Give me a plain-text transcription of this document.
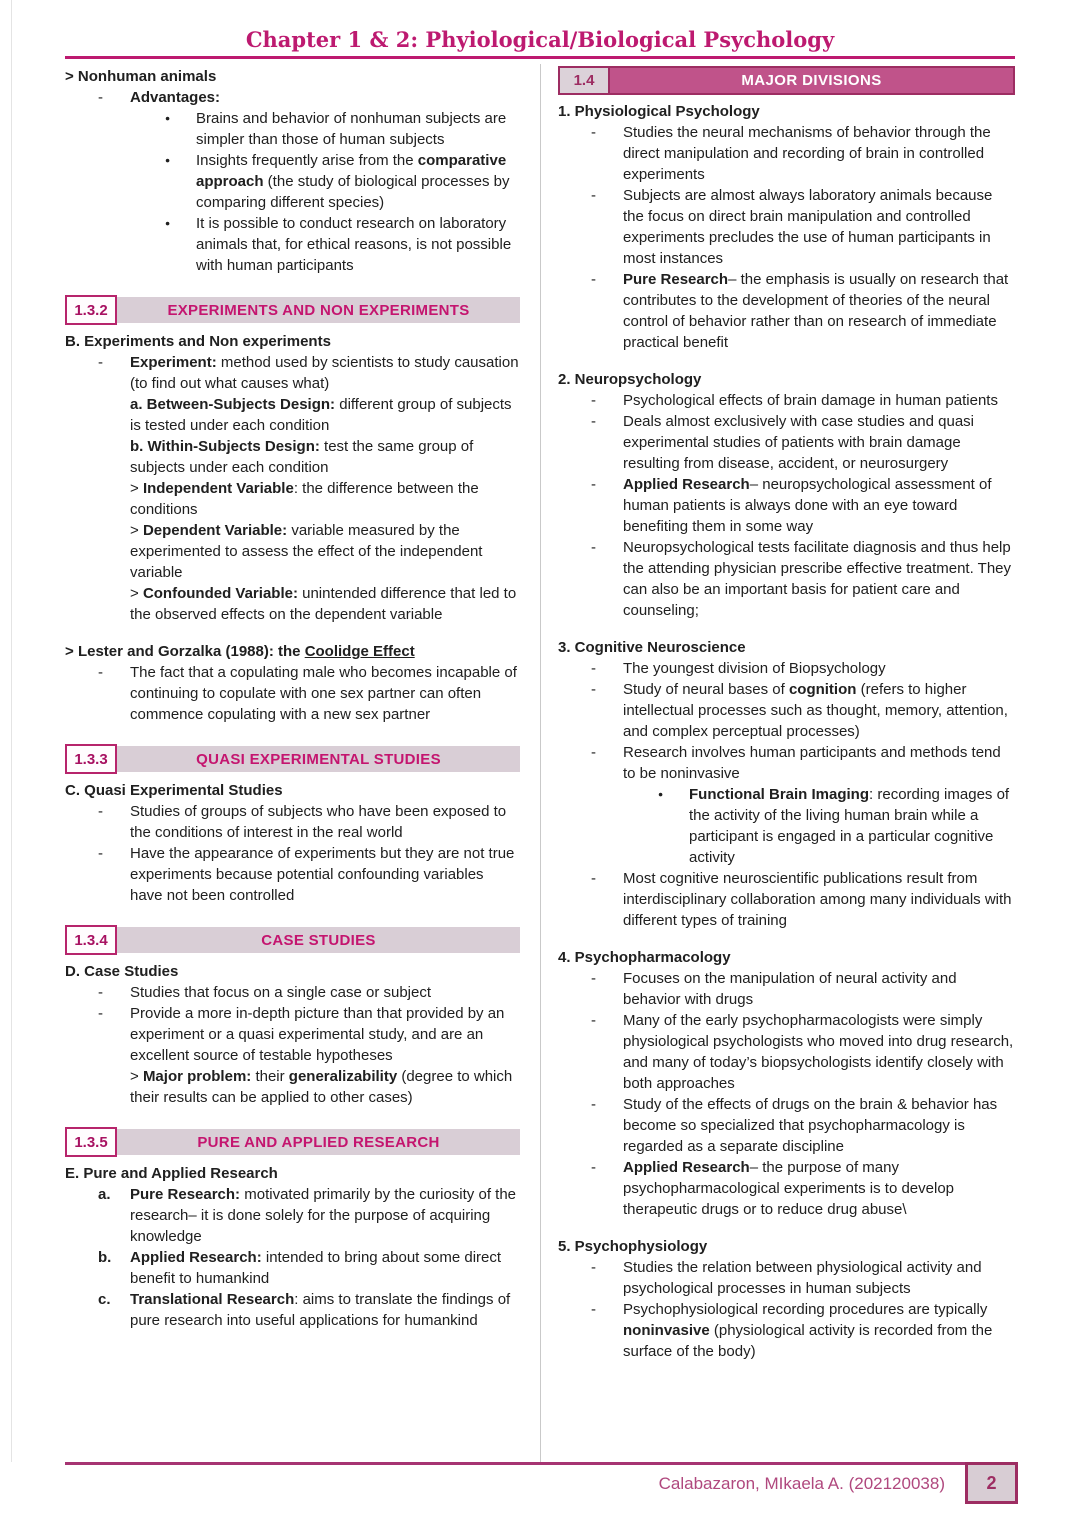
Chapter 1 & 2: Phyiological/Biological Psychology
> Nonhuman animals
- Advantages:
● Brains and behavior of nonhuman subjects are simpler than those of human subjects
● Insights frequently arise from the comparative approach (the study of biological processes by comparing different species)
● It is possible to conduct research on laboratory animals that, for ethical reasons, is not possible with human participants
1.3.2	EXPERIMENTS AND NON EXPERIMENTS
B. Experiments and Non experiments
- Experiment: method used by scientists to study causation (to find out what causes what)
a. Between-Subjects Design: different group of subjects is tested under each condition
b. Within-Subjects Design: test the same group of subjects under each condition
> Independent Variable: the difference between the conditions
> Dependent Variable: variable measured by the experimented to assess the effect of the independent variable
> Confounded Variable: unintended difference that led to the observed effects on the dependent variable
> Lester and Gorzalka (1988): the Coolidge Effect
- The fact that a copulating male who becomes incapable of continuing to copulate with one sex partner can often commence copulating with a new sex partner
1.3.3	QUASI EXPERIMENTAL STUDIES
C. Quasi Experimental Studies
- Studies of groups of subjects who have been exposed to the conditions of interest in the real world
- Have the appearance of experiments but they are not true experiments because potential confounding variables have not been controlled
1.3.4	CASE STUDIES
D. Case Studies
- Studies that focus on a single case or subject
- Provide a more in-depth picture than that provided by an experiment or a quasi experimental study, and are an excellent source of testable hypotheses
> Major problem: their generalizability (degree to which their results can be applied to other cases)
1.3.5	PURE AND APPLIED RESEARCH
E. Pure and Applied Research
a. Pure Research: motivated primarily by the curiosity of the research– it is done solely for the purpose of acquiring knowledge
b. Applied Research: intended to bring about some direct benefit to humankind
c. Translational Research: aims to translate the findings of pure research into useful applications for humankind
1.4	MAJOR DIVISIONS
1. Physiological Psychology
- Studies the neural mechanisms of behavior through the direct manipulation and recording of brain in controlled experiments
- Subjects are almost always laboratory animals because the focus on direct brain manipulation and controlled experiments precludes the use of human participants in most instances
- Pure Research– the emphasis is usually on research that contributes to the development of theories of the neural control of behavior rather than on research of immediate practical benefit
2. Neuropsychology
- Psychological effects of brain damage in human patients
- Deals almost exclusively with case studies and quasi experimental studies of patients with brain damage resulting from disease, accident, or neurosurgery
- Applied Research– neuropsychological assessment of human patients is always done with an eye toward benefiting them in some way
- Neuropsychological tests facilitate diagnosis and thus help the attending physician prescribe effective treatment. They can also be an important basis for patient care and counseling;
3. Cognitive Neuroscience
- The youngest division of Biopsychology
- Study of neural bases of cognition (refers to higher intellectual processes such as thought, memory, attention, and complex perceptual processes)
- Research involves human participants and methods tend to be noninvasive
● Functional Brain Imaging: recording images of the activity of the living human brain while a participant is engaged in a particular cognitive activity
- Most cognitive neuroscientific publications result from interdisciplinary collaboration among many individuals with different types of training
4. Psychopharmacology
- Focuses on the manipulation of neural activity and behavior with drugs
- Many of the early psychopharmacologists were simply physiological psychologists who moved into drug research, and many of today’s biopsychologists identify closely with both approaches
- Study of the effects of drugs on the brain & behavior has become so specialized that psychopharmacology is regarded as a separate discipline
- Applied Research– the purpose of many psychopharmacological experiments is to develop therapeutic drugs or to reduce drug abuse\
5. Psychophysiology
- Studies the relation between physiological activity and psychological processes in human subjects
- Psychophysiological recording procedures are typically noninvasive (physiological activity is recorded from the surface of the body)
Calabazaron, MIkaela A. (202120038)	2
